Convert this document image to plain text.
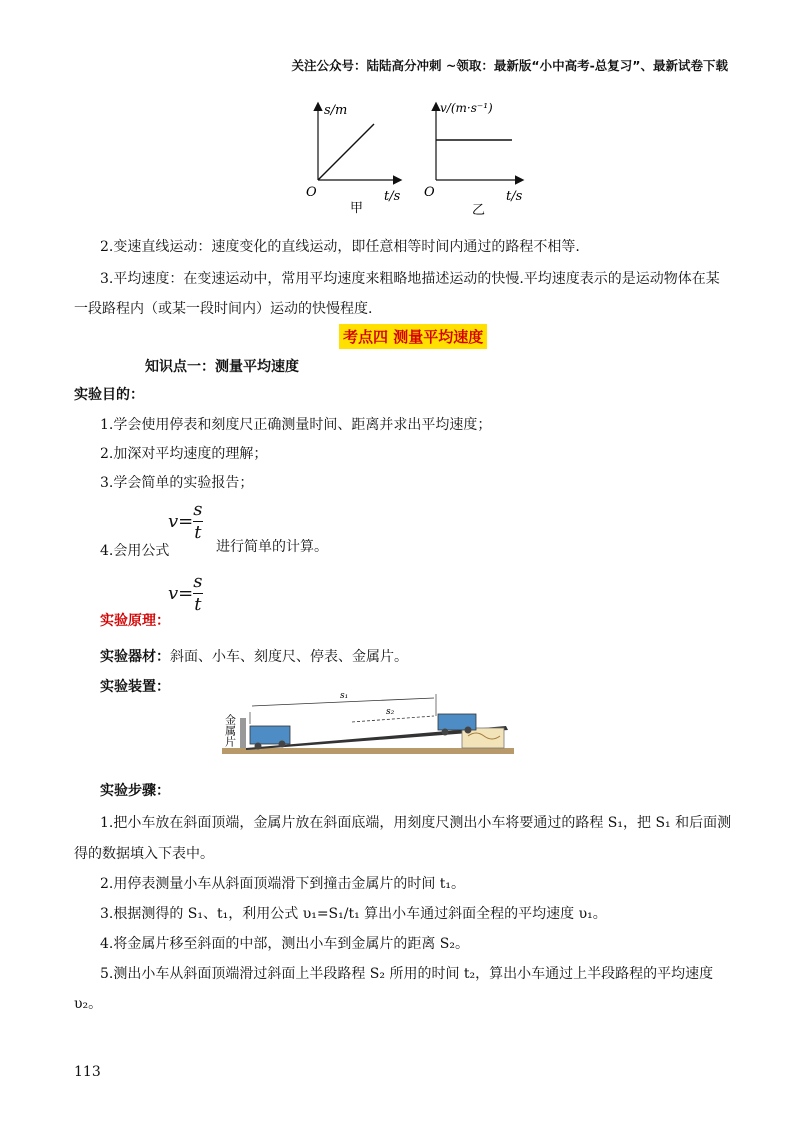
关注公众号：陆陆高分冲刺 ~领取：最新版“小中高考-总复习”、最新试卷下载
s/m
O	t/s
甲
v/(m·s⁻¹)
O	t/s
乙
2.变速直线运动：速度变化的直线运动，即任意相等时间内通过的路程不相等.
3.平均速度：在变速运动中，常用平均速度来粗略地描述运动的快慢.平均速度表示的是运动物体在某
一段路程内（或某一段时间内）运动的快慢程度.
考点四 测量平均速度
知识点一：测量平均速度
实验目的：
1.学会使用停表和刻度尺正确测量时间、距离并求出平均速度；
2.加深对平均速度的理解；
3.学会简单的实验报告；
$v= \frac{s}{t}$
4.会用公式	进行简单的计算。
$v= \frac{s}{t}$
实验原理：
实验器材：斜面、小车、刻度尺、停表、金属片。
实验装置：
金属片
s₁
s₂
实验步骤：
1.把小车放在斜面顶端，金属片放在斜面底端，用刻度尺测出小车将要通过的路程 S₁，把 S₁ 和后面测
得的数据填入下表中。
2.用停表测量小车从斜面顶端滑下到撞击金属片的时间 t₁。
3.根据测得的 S₁、t₁，利用公式 υ₁=S₁/t₁ 算出小车通过斜面全程的平均速度 υ₁。
4.将金属片移至斜面的中部，测出小车到金属片的距离 S₂。
5.测出小车从斜面顶端滑过斜面上半段路程 S₂ 所用的时间 t₂，算出小车通过上半段路程的平均速度
υ₂。
113
